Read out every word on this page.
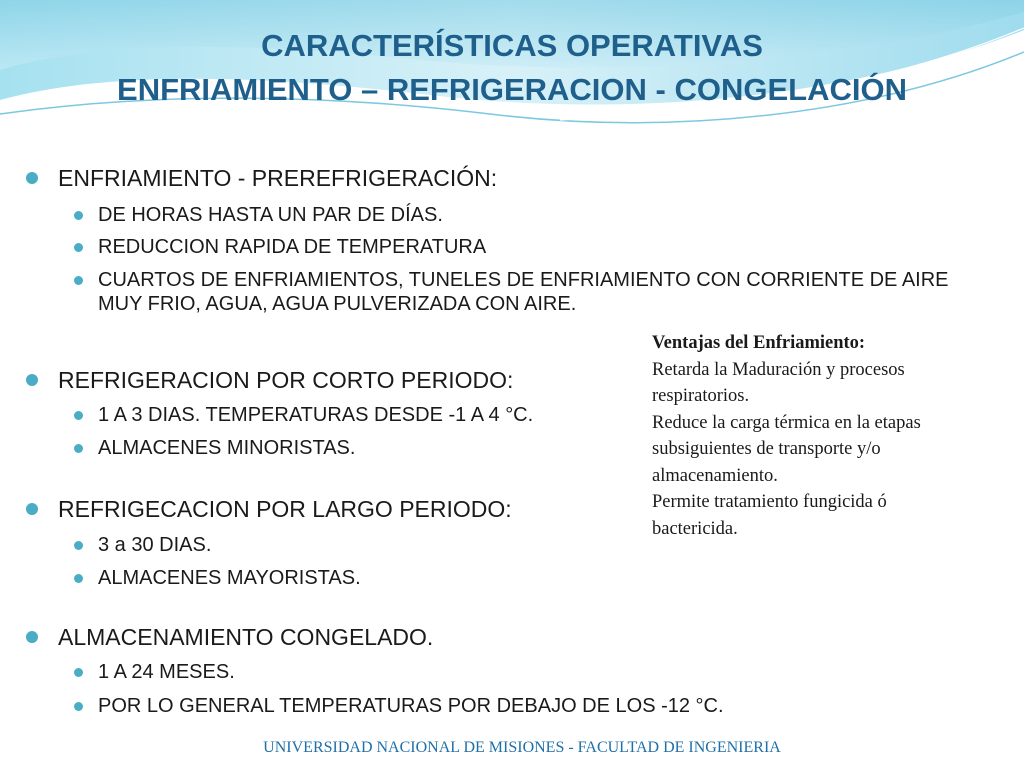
CARACTERÍSTICAS OPERATIVAS
ENFRIAMIENTO – REFRIGERACION - CONGELACIÓN
ENFRIAMIENTO - PREREFRIGERACIÓN:
DE HORAS HASTA UN PAR DE DÍAS.
REDUCCION RAPIDA DE TEMPERATURA
CUARTOS DE ENFRIAMIENTOS, TUNELES DE ENFRIAMIENTO CON CORRIENTE DE AIRE MUY FRIO, AGUA, AGUA PULVERIZADA CON AIRE.
REFRIGERACION POR CORTO PERIODO:
1 A 3 DIAS. TEMPERATURAS DESDE -1 A 4 °C.
ALMACENES MINORISTAS.
REFRIGECACION POR LARGO PERIODO:
3 a 30 DIAS.
ALMACENES MAYORISTAS.
ALMACENAMIENTO CONGELADO.
1 A 24 MESES.
POR LO GENERAL TEMPERATURAS POR DEBAJO DE LOS -12 °C.
Ventajas del Enfriamiento:
Retarda la Maduración y procesos
respiratorios.
Reduce la carga térmica en la etapas
subsiguientes de transporte y/o
almacenamiento.
Permite tratamiento fungicida ó
bactericida.
UNIVERSIDAD NACIONAL DE MISIONES - FACULTAD DE INGENIERIA
